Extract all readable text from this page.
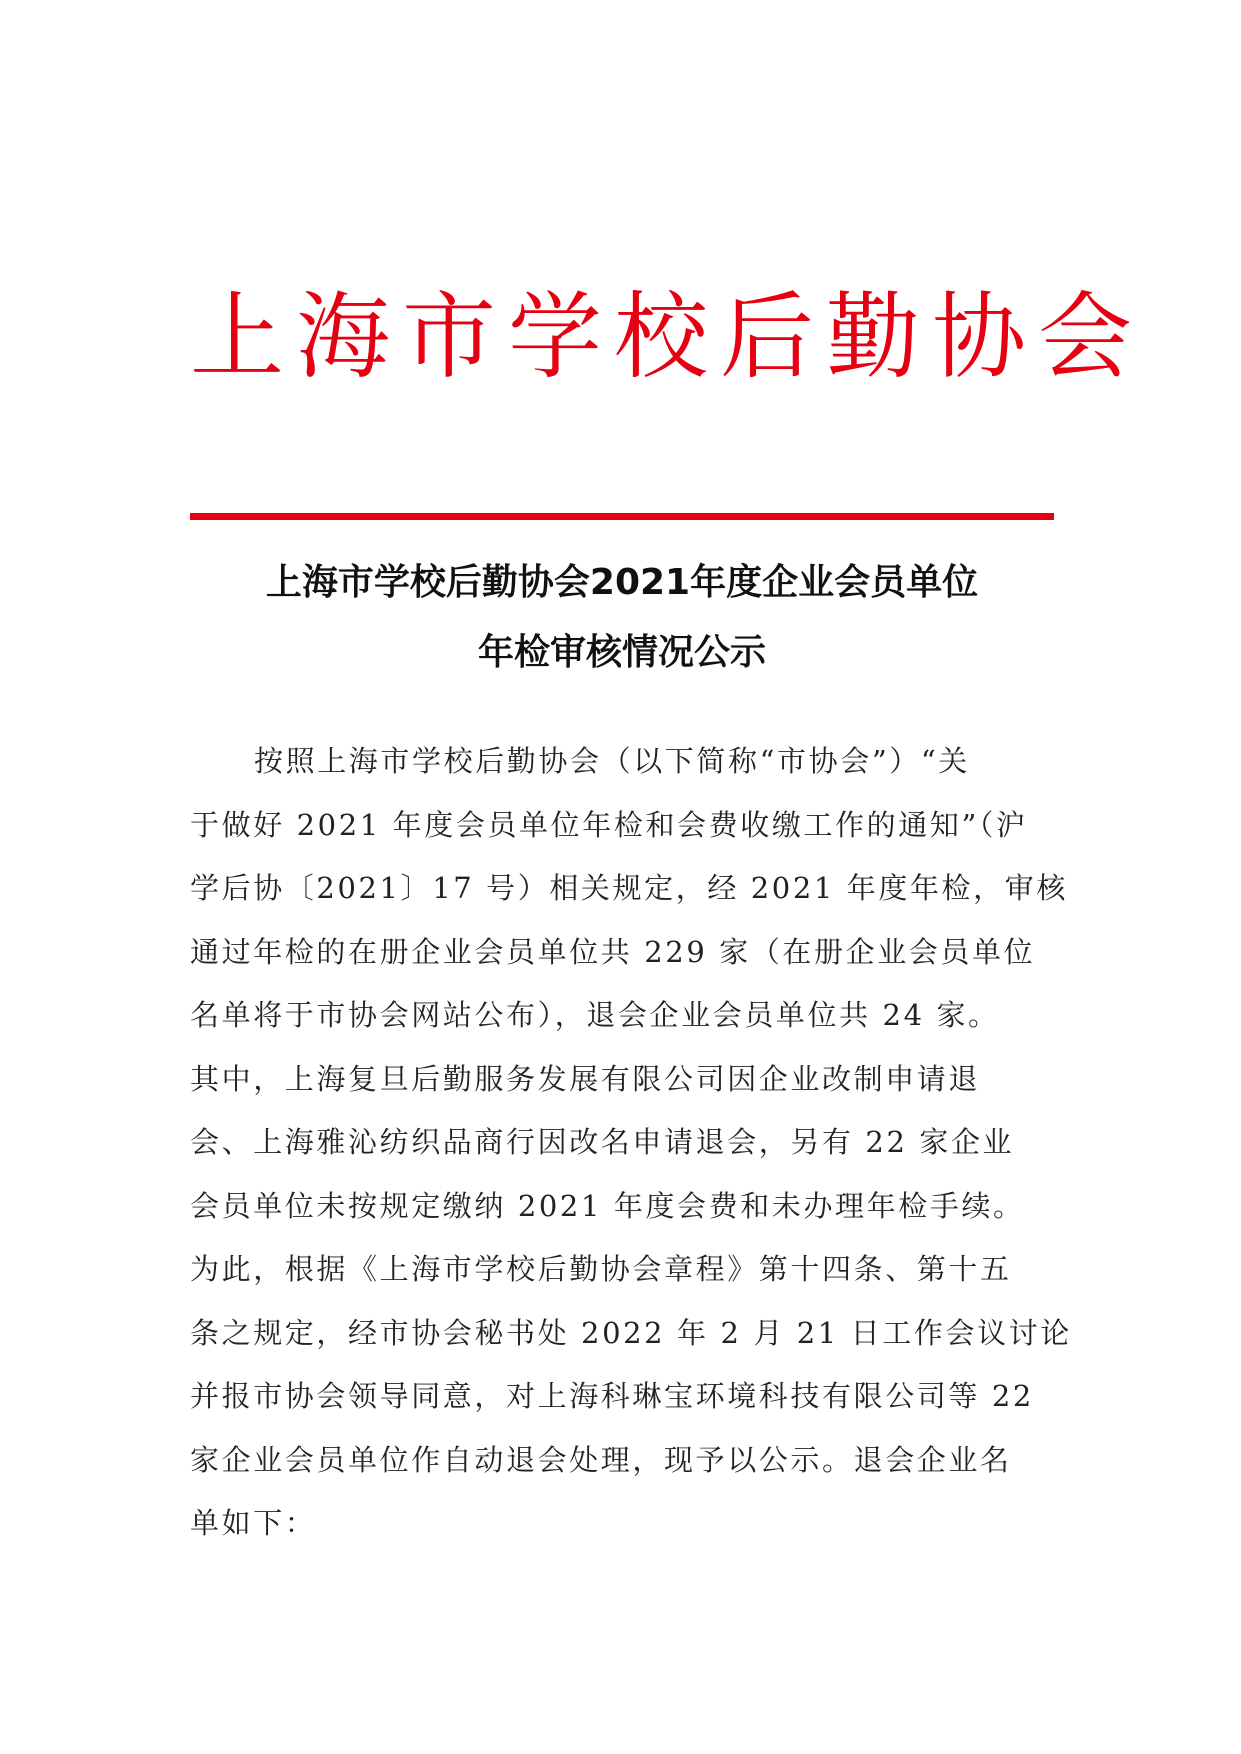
上海市学校后勤协会
上海市学校后勤协会2021年度企业会员单位
年检审核情况公示
按照上海市学校后勤协会（以下简称“市协会”）“关
于做好 2021 年度会员单位年检和会费收缴工作的通知”（沪
学后协〔2021〕17 号）相关规定，经 2021 年度年检，审核
通过年检的在册企业会员单位共 229 家（在册企业会员单位
名单将于市协会网站公布），退会企业会员单位共 24 家。
其中，上海复旦后勤服务发展有限公司因企业改制申请退
会、上海雅沁纺织品商行因改名申请退会，另有 22 家企业
会员单位未按规定缴纳 2021 年度会费和未办理年检手续。
为此，根据《上海市学校后勤协会章程》第十四条、第十五
条之规定，经市协会秘书处 2022 年 2 月 21 日工作会议讨论
并报市协会领导同意，对上海科琳宝环境科技有限公司等 22
家企业会员单位作自动退会处理，现予以公示。退会企业名
单如下：
